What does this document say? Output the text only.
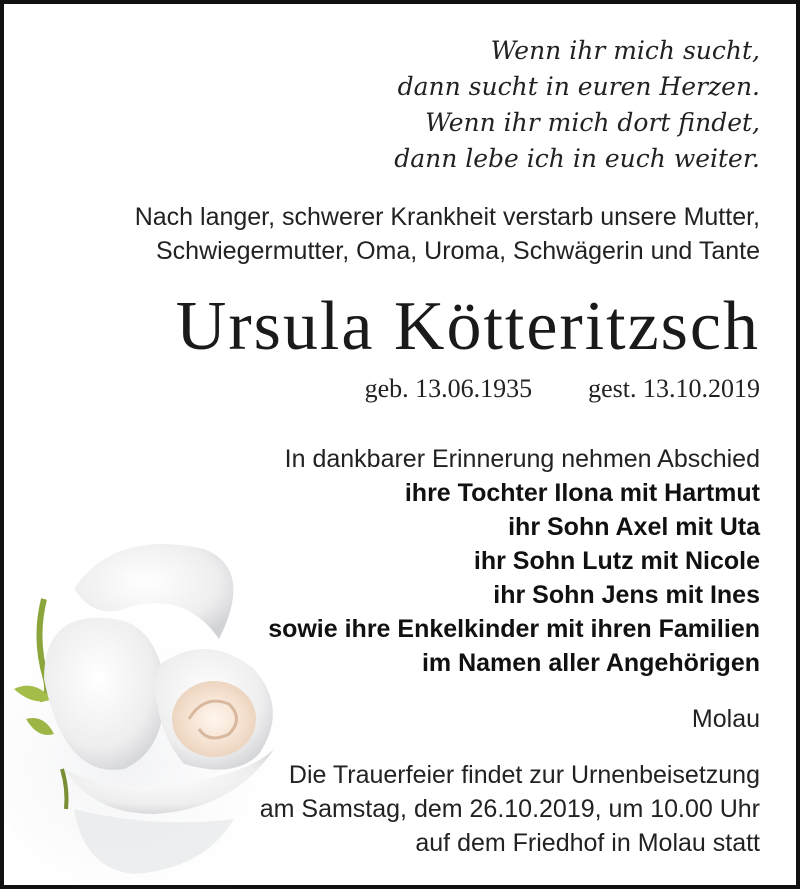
Wenn ihr mich sucht,
dann sucht in euren Herzen.
Wenn ihr mich dort findet,
dann lebe ich in euch weiter.
Nach langer, schwerer Krankheit verstarb unsere Mutter,
Schwiegermutter, Oma, Uroma, Schwägerin und Tante
Ursula Kötteritzsch
geb. 13.06.1935 gest. 13.10.2019
In dankbarer Erinnerung nehmen Abschied
ihre Tochter Ilona mit Hartmut
ihr Sohn Axel mit Uta
ihr Sohn Lutz mit Nicole
ihr Sohn Jens mit Ines
sowie ihre Enkelkinder mit ihren Familien
im Namen aller Angehörigen
Molau
Die Trauerfeier findet zur Urnenbeisetzung
am Samstag, dem 26.10.2019, um 10.00 Uhr
auf dem Friedhof in Molau statt
